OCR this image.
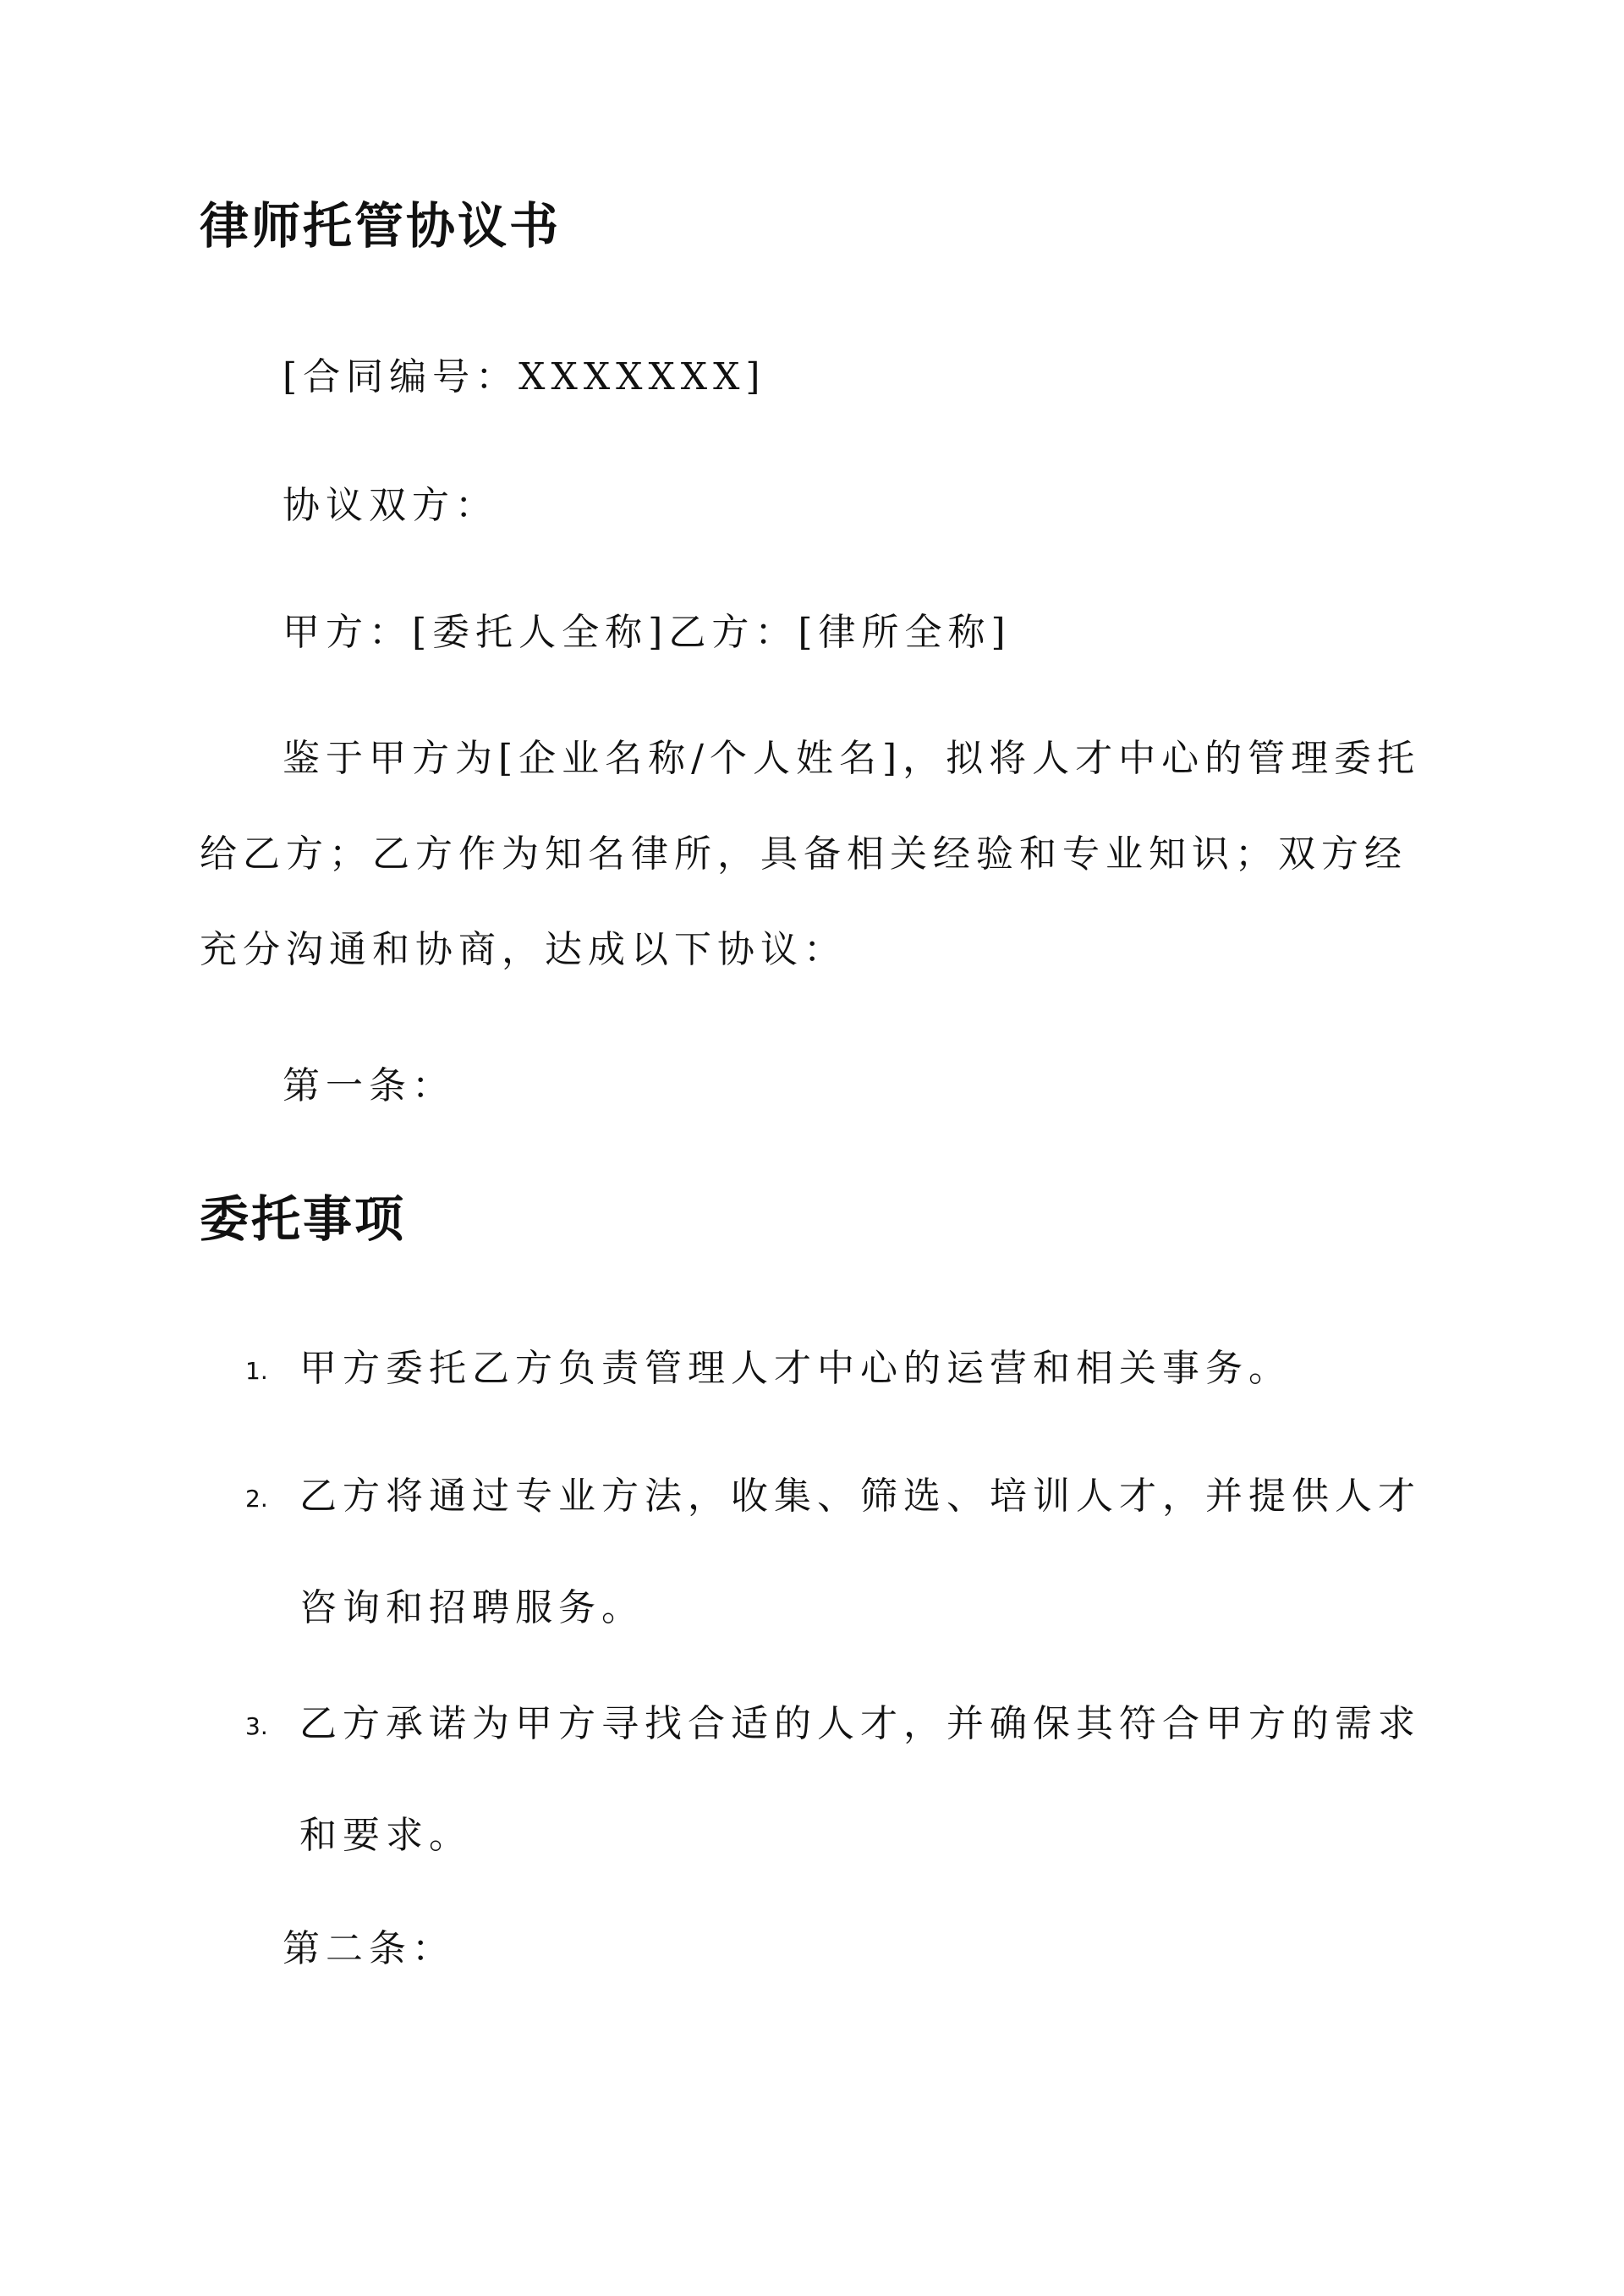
律师托管协议书

[合同编号：XXXXXXX]

协议双方：

甲方：[委托人全称]乙方：[律所全称]

鉴于甲方为[企业名称/个人姓名]，拟将人才中心的管理委托给乙方；乙方作为知名律所，具备相关经验和专业知识；双方经充分沟通和协商，达成以下协议：

第一条：

委托事项
1. 甲方委托乙方负责管理人才中心的运营和相关事务。

2. 乙方将通过专业方法，收集、筛选、培训人才，并提供人才咨询和招聘服务。

3. 乙方承诺为甲方寻找合适的人才，并确保其符合甲方的需求和要求。

第二条：
